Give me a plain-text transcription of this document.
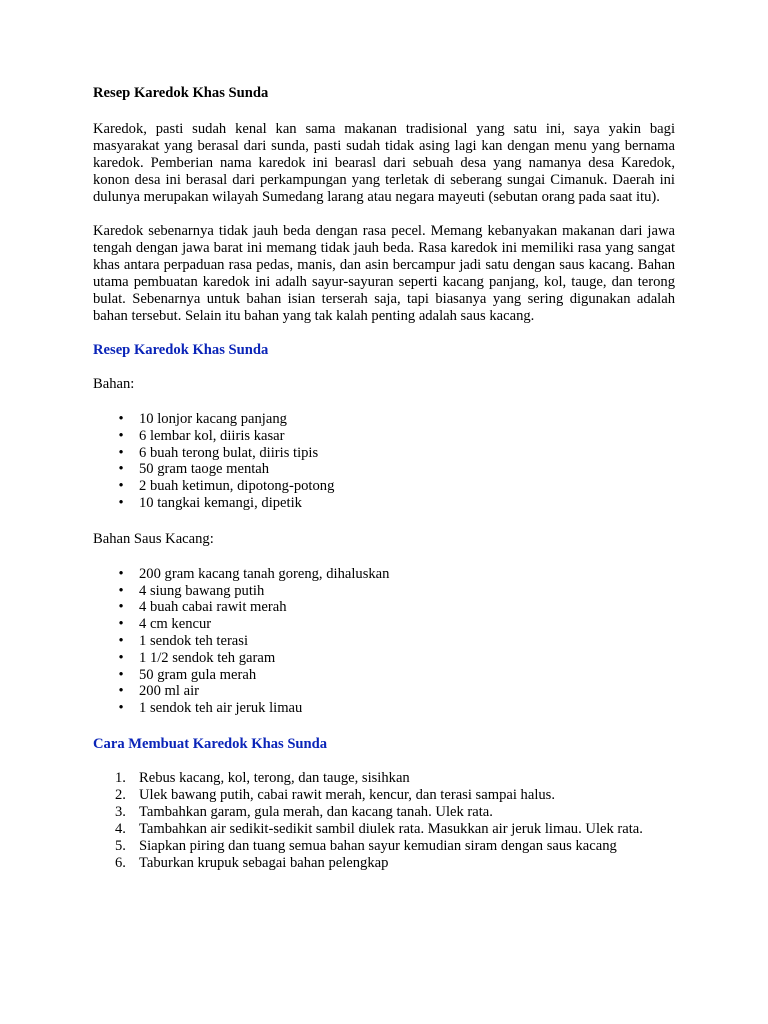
Resep Karedok Khas Sunda

Karedok, pasti sudah kenal kan sama makanan tradisional yang satu ini, saya yakin bagi masyarakat yang berasal dari sunda, pasti sudah tidak asing lagi kan dengan menu yang bernama karedok. Pemberian nama karedok ini bearasl dari sebuah desa yang namanya desa Karedok, konon desa ini berasal dari perkampungan yang terletak di seberang sungai Cimanuk. Daerah ini dulunya merupakan wilayah Sumedang larang atau negara mayeuti (sebutan orang pada saat itu).

Karedok sebenarnya tidak jauh beda dengan rasa pecel. Memang kebanyakan makanan dari jawa tengah dengan jawa barat ini memang tidak jauh beda. Rasa karedok ini memiliki rasa yang sangat khas antara perpaduan rasa pedas, manis, dan asin bercampur jadi satu dengan saus kacang. Bahan utama pembuatan karedok ini adalh sayur-sayuran seperti kacang panjang, kol, tauge, dan terong bulat. Sebenarnya untuk bahan isian terserah saja, tapi biasanya yang sering digunakan adalah bahan tersebut. Selain itu bahan yang tak kalah penting adalah saus kacang.

Resep Karedok Khas Sunda
Bahan:
• 10 lonjor kacang panjang
• 6 lembar kol, diiris kasar
• 6 buah terong bulat, diiris tipis
• 50 gram taoge mentah
• 2 buah ketimun, dipotong-potong
• 10 tangkai kemangi, dipetik
Bahan Saus Kacang:
• 200 gram kacang tanah goreng, dihaluskan
• 4 siung bawang putih
• 4 buah cabai rawit merah
• 4 cm kencur
• 1 sendok teh terasi
• 1 1/2 sendok teh garam
• 50 gram gula merah
• 200 ml air
• 1 sendok teh air jeruk limau
Cara Membuat Karedok Khas Sunda
1. Rebus kacang, kol, terong, dan tauge, sisihkan
2. Ulek bawang putih, cabai rawit merah, kencur, dan terasi sampai halus.
3. Tambahkan garam, gula merah, dan kacang tanah. Ulek rata.
4. Tambahkan air sedikit-sedikit sambil diulek rata. Masukkan air jeruk limau. Ulek rata.
5. Siapkan piring dan tuang semua bahan sayur kemudian siram dengan saus kacang
6. Taburkan krupuk sebagai bahan pelengkap
